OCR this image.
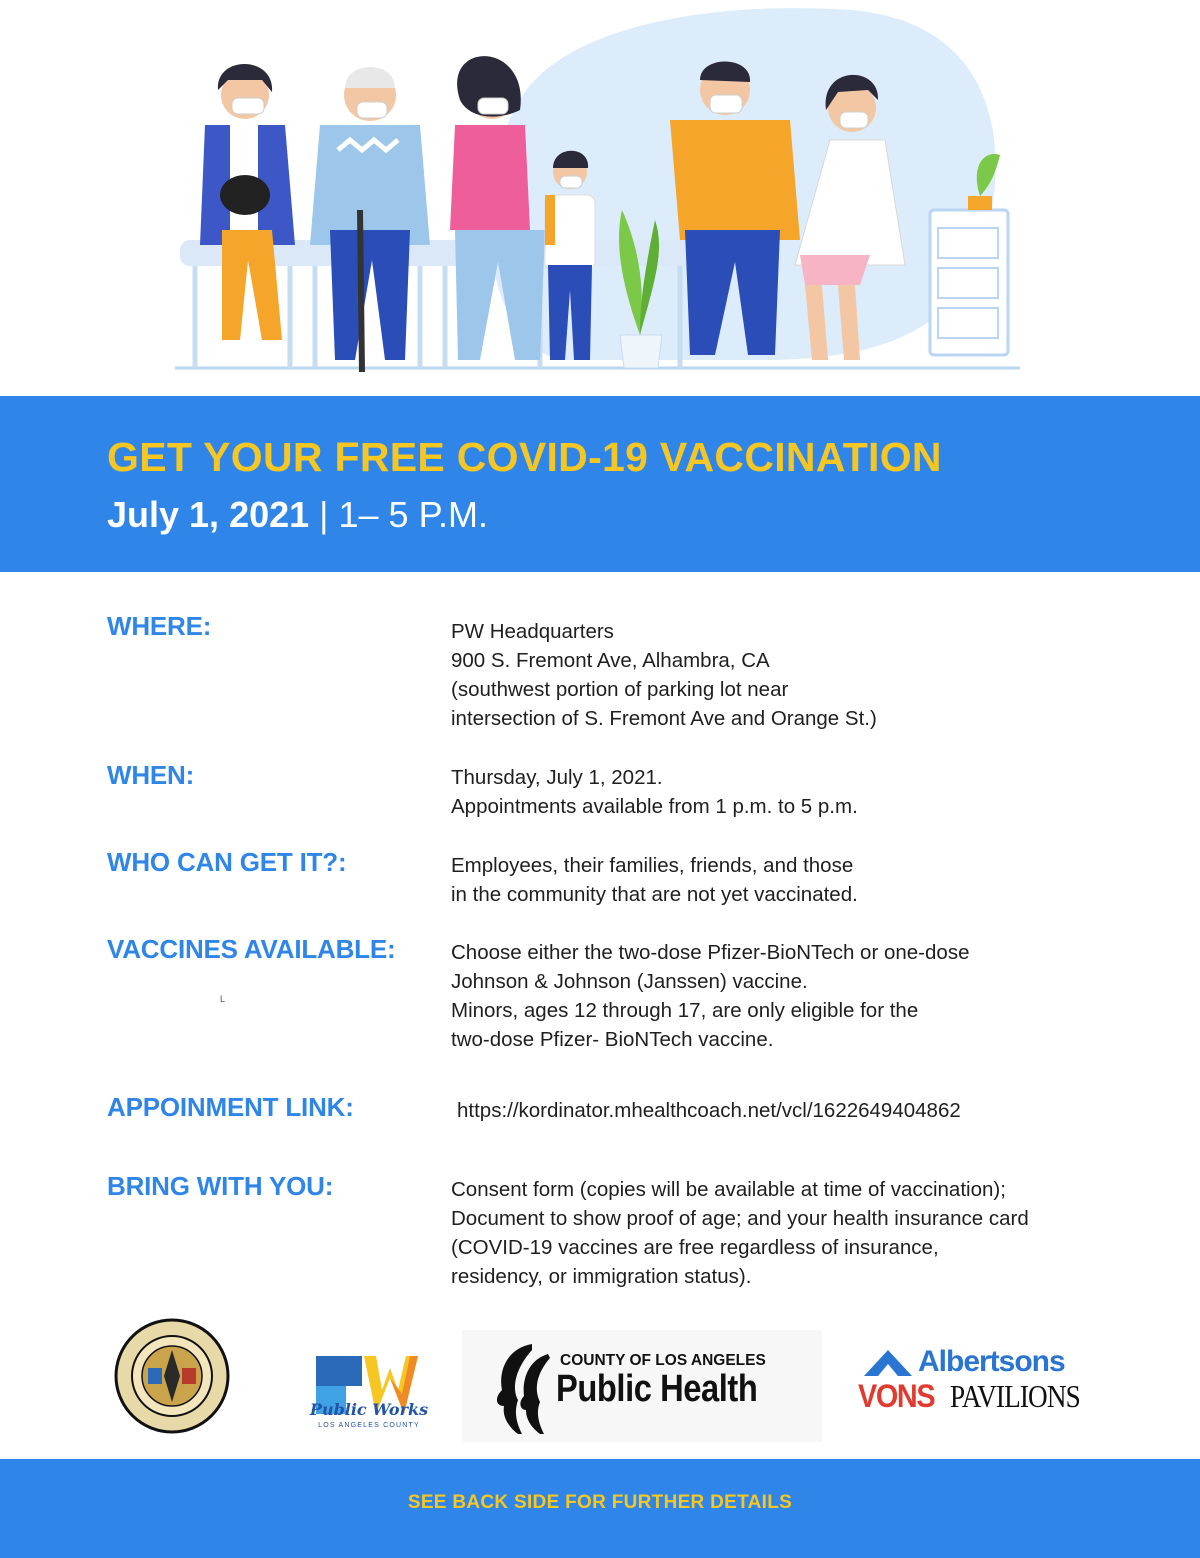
GET YOUR FREE COVID-19 VACCINATION
July 1, 2021 | 1– 5 P.M.
WHERE:	PW Headquarters
900 S. Fremont Ave, Alhambra, CA
(southwest portion of parking lot near
intersection of S. Fremont Ave and Orange St.)
WHEN:	Thursday, July 1, 2021.
Appointments available from 1 p.m. to 5 p.m.
WHO CAN GET IT?:	Employees, their families, friends, and those
in the community that are not yet vaccinated.
VACCINES AVAILABLE:	Choose either the two-dose Pfizer-BioNTech or one-dose
Johnson & Johnson (Janssen) vaccine.
Minors, ages 12 through 17, are only eligible for the
two-dose Pfizer- BioNTech vaccine.
L
APPOINMENT LINK:	https://kordinator.mhealthcoach.net/vcl/1622649404862
BRING WITH YOU:	Consent form (copies will be available at time of vaccination);
Document to show proof of age; and your health insurance card
(COVID-19 vaccines are free regardless of insurance,
residency, or immigration status).
Public Works
LOS ANGELES COUNTY
COUNTY OF LOS ANGELES
Public Health
Albertsons
VONS PAVILIONS
SEE BACK SIDE FOR FURTHER DETAILS
